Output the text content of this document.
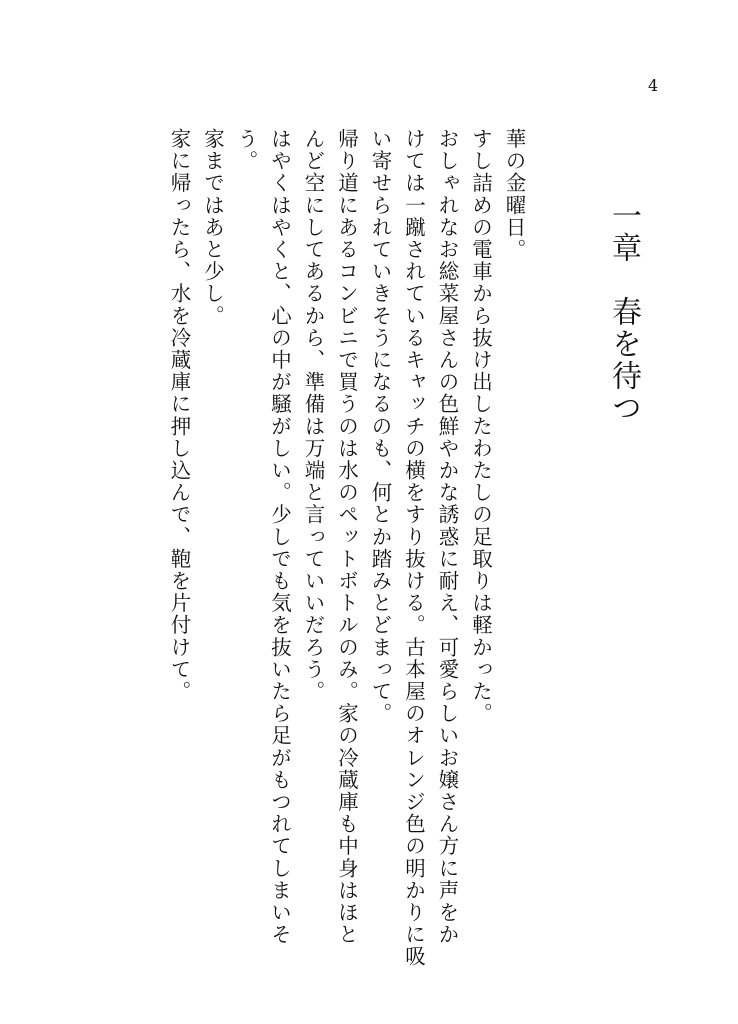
4
一章　春を待つ
華の金曜日。
すし詰めの電車から抜け出したわたしの足取りは軽かった。
おしゃれなお総菜屋さんの色鮮やかな誘惑に耐え、可愛らしいお嬢さん方に声をか
けては一蹴されているキャッチの横をすり抜ける。古本屋のオレンジ色の明かりに吸
い寄せられていきそうになるのも、何とか踏みとどまって。
帰り道にあるコンビニで買うのは水のペットボトルのみ。家の冷蔵庫も中身はほと
んど空にしてあるから、準備は万端と言っていいだろう。
はやくはやくと、心の中が騒がしい。少しでも気を抜いたら足がもつれてしまいそ
う。
家まではあと少し。
家に帰ったら、水を冷蔵庫に押し込んで、鞄を片付けて。
